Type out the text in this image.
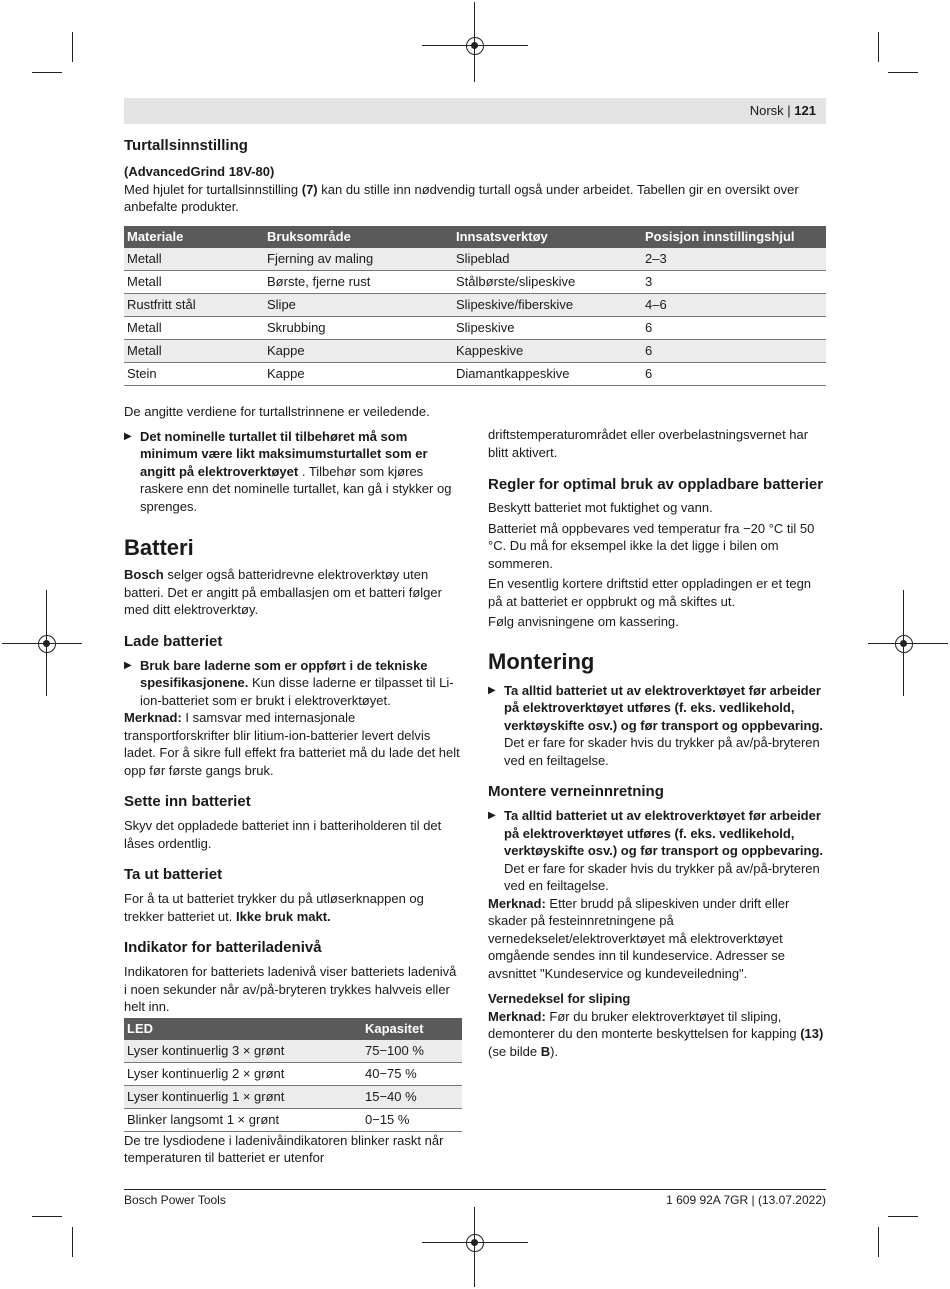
Norsk | 121
Turtallsinnstilling

(AdvancedGrind 18V-80)

Med hjulet for turtallsinnstilling (7) kan du stille inn nødvendig turtall også under arbeidet. Tabellen gir en oversikt over anbefalte produkter.

Materiale	Bruksområde	Innsatsverktøy	Posisjon innstillingshjul
Metall	Fjerning av maling	Slipeblad	2–3
Metall	Børste, fjerne rust	Stålbørste/slipeskive	3
Rustfritt stål	Slipe	Slipeskive/fiberskive	4–6
Metall	Skrubbing	Slipeskive	6
Metall	Kappe	Kappeskive	6
Stein	Kappe	Diamantkappeskive	6

De angitte verdiene for turtallstrinnene er veiledende.

▶ Det nominelle turtallet til tilbehøret må som minimum være likt maksimumsturtallet som er angitt på elektroverktøyet . Tilbehør som kjøres raskere enn det nominelle turtallet, kan gå i stykker og sprenges.

Batteri

Bosch selger også batteridrevne elektroverktøy uten batteri. Det er angitt på emballasjen om et batteri følger med ditt elektroverktøy.

Lade batteriet

▶ Bruk bare laderne som er oppført i de tekniske spesifikasjonene. Kun disse laderne er tilpasset til Li-ion-batteriet som er brukt i elektroverktøyet.

Merknad: I samsvar med internasjonale transportforskrifter blir litium-ion-batterier levert delvis ladet. For å sikre full effekt fra batteriet må du lade det helt opp før første gangs bruk.

Sette inn batteriet

Skyv det oppladede batteriet inn i batteriholderen til det låses ordentlig.

Ta ut batteriet

For å ta ut batteriet trykker du på utløserknappen og trekker batteriet ut. Ikke bruk makt.

Indikator for batteriladenivå

Indikatoren for batteriets ladenivå viser batteriets ladenivå i noen sekunder når av/på-bryteren trykkes halvveis eller helt inn.

LED	Kapasitet
Lyser kontinuerlig 3 × grønt	75−100 %
Lyser kontinuerlig 2 × grønt	40−75 %
Lyser kontinuerlig 1 × grønt	15−40 %
Blinker langsomt 1 × grønt	0−15 %

De tre lysdiodene i ladenivåindikatoren blinker raskt når temperaturen til batteriet er utenfor

driftstemperaturområdet eller overbelastningsvernet har blitt aktivert.

Regler for optimal bruk av oppladbare batterier

Beskytt batteriet mot fuktighet og vann.

Batteriet må oppbevares ved temperatur fra −20 °C til 50 °C. Du må for eksempel ikke la det ligge i bilen om sommeren.

En vesentlig kortere driftstid etter oppladingen er et tegn på at batteriet er oppbrukt og må skiftes ut.

Følg anvisningene om kassering.

Montering

▶ Ta alltid batteriet ut av elektroverktøyet før arbeider på elektroverktøyet utføres (f. eks. vedlikehold, verktøyskifte osv.) og før transport og oppbevaring. Det er fare for skader hvis du trykker på av/på-bryteren ved en feiltagelse.

Montere verneinnretning

▶ Ta alltid batteriet ut av elektroverktøyet før arbeider på elektroverktøyet utføres (f. eks. vedlikehold, verktøyskifte osv.) og før transport og oppbevaring. Det er fare for skader hvis du trykker på av/på-bryteren ved en feiltagelse.

Merknad: Etter brudd på slipeskiven under drift eller skader på festeinnretningene på vernedekselet/elektroverktøyet må elektroverktøyet omgående sendes inn til kundeservice. Adresser se avsnittet "Kundeservice og kundeveiledning".

Vernedeksel for sliping

Merknad: Før du bruker elektroverktøyet til sliping, demonterer du den monterte beskyttelsen for kapping (13) (se bilde B).

Bosch Power Tools	1 609 92A 7GR | (13.07.2022)
